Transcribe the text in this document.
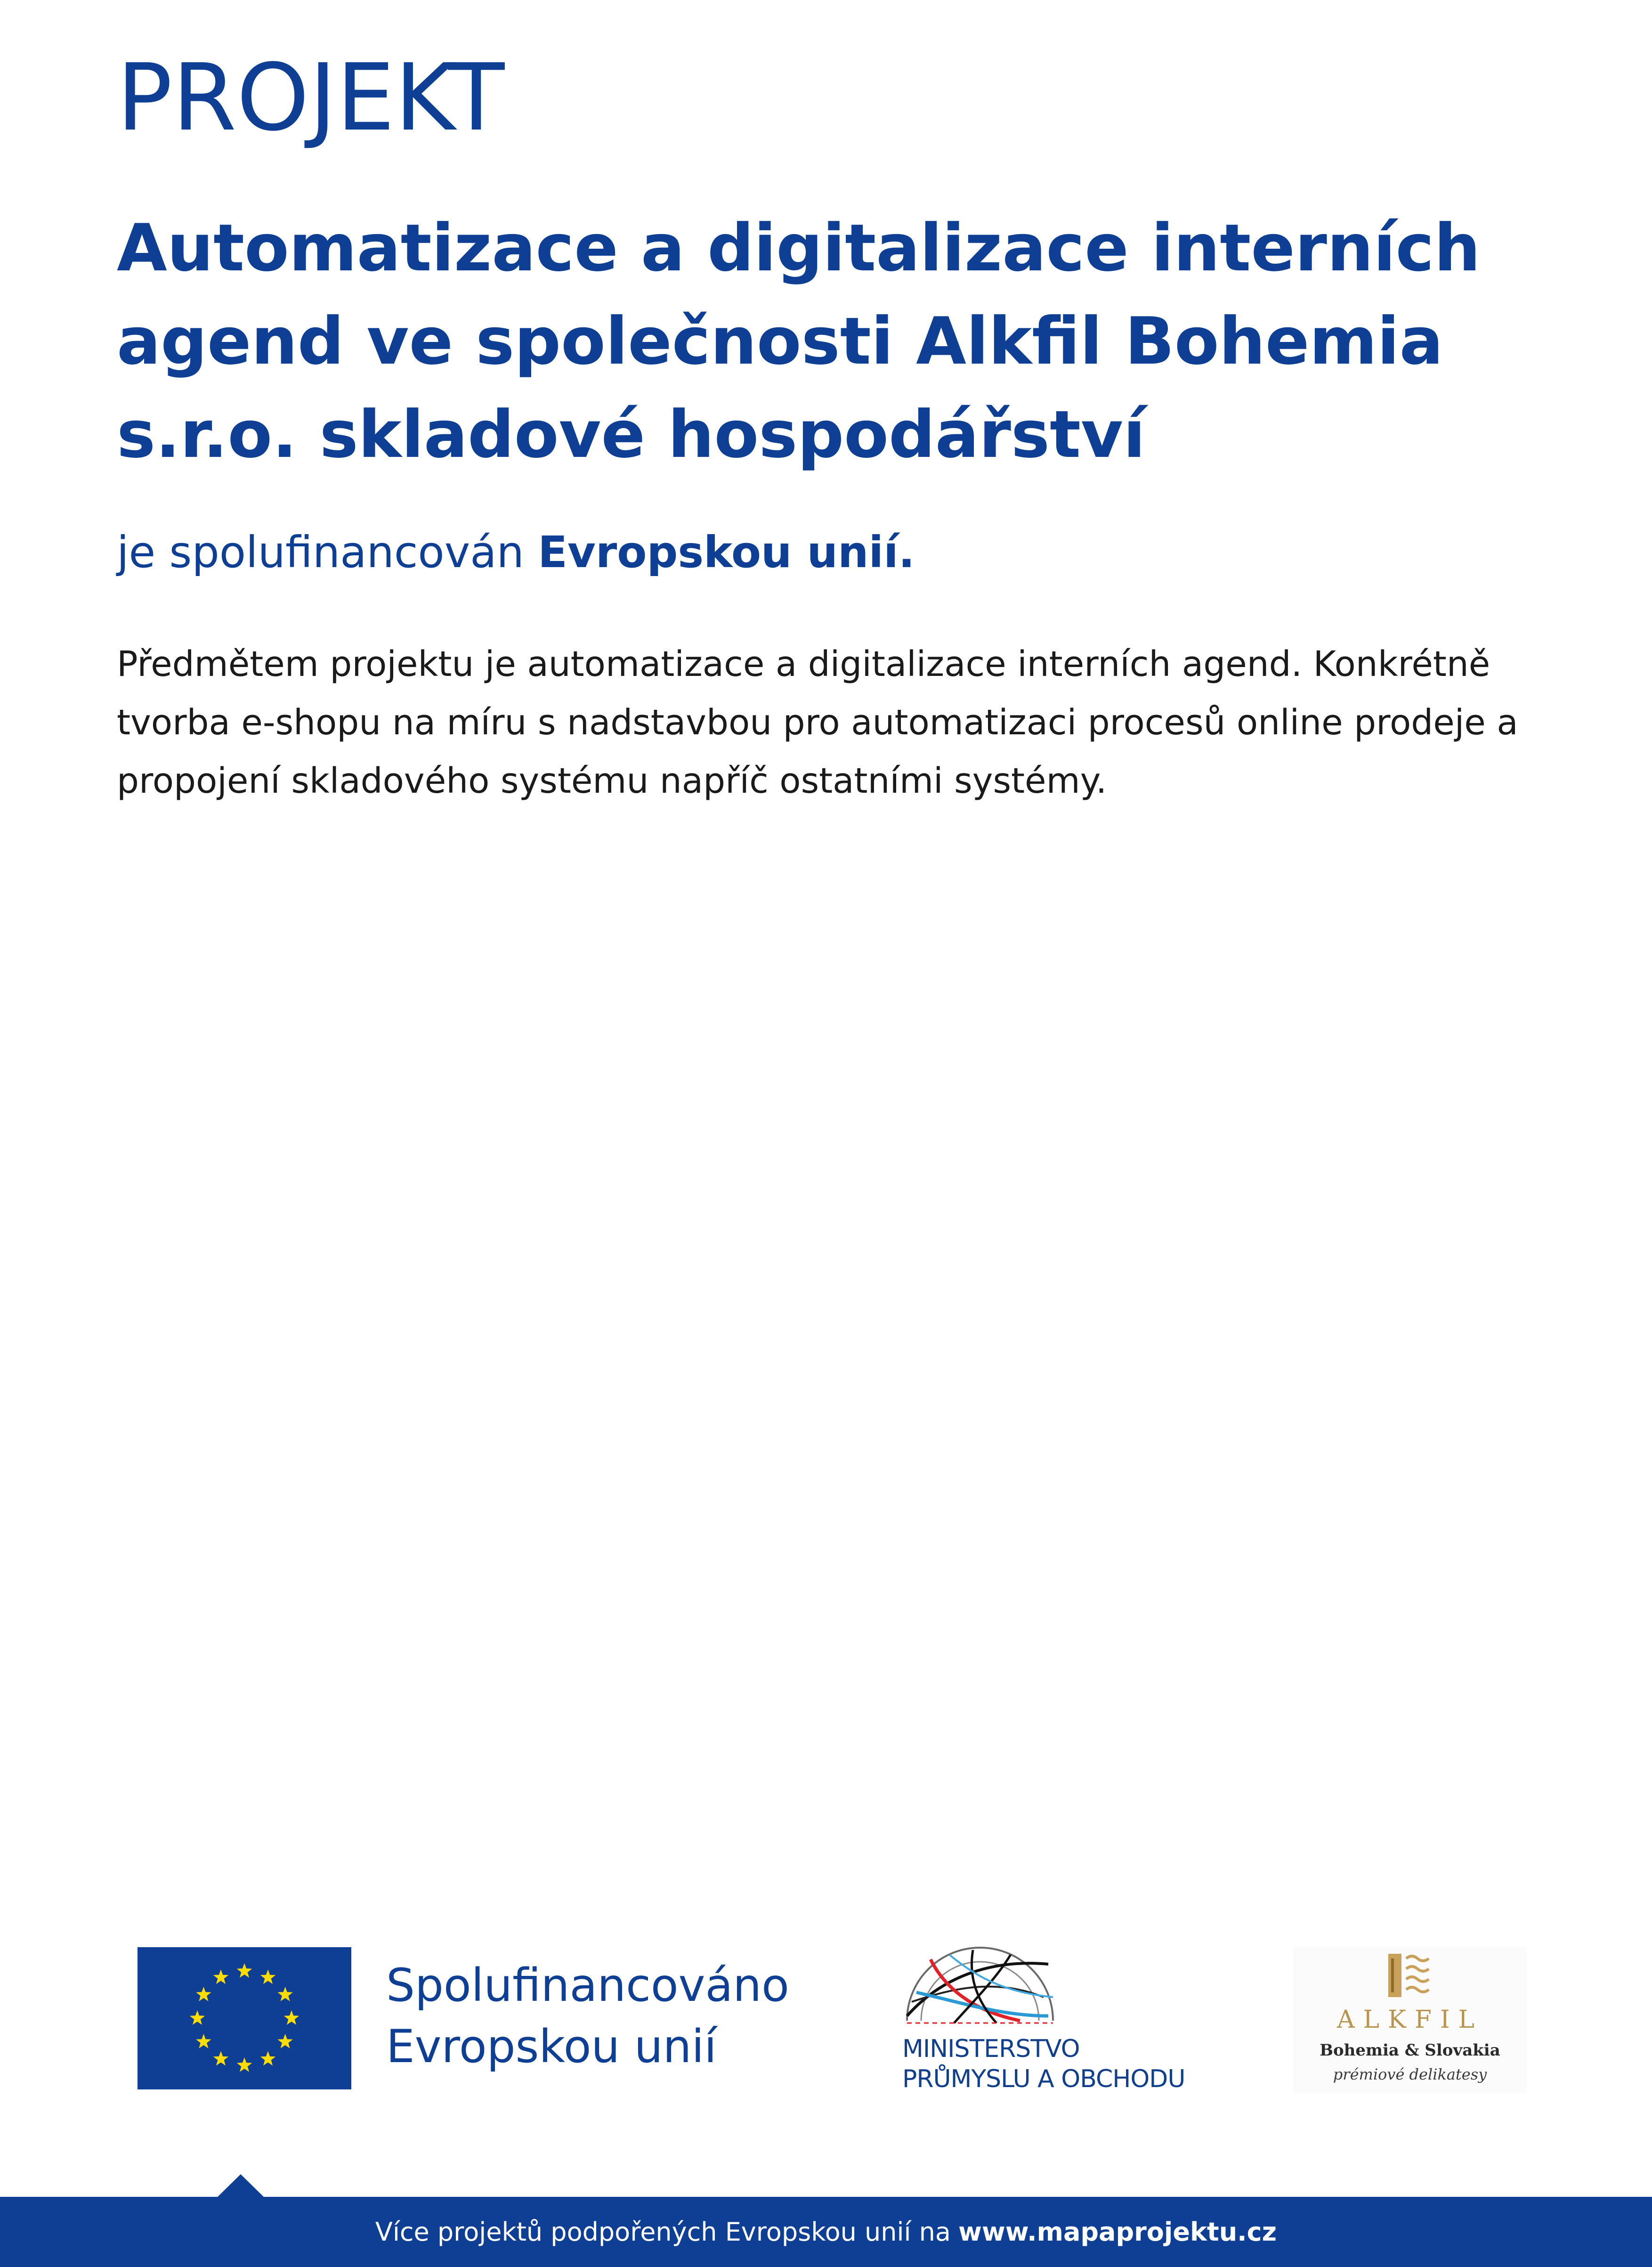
PROJEKT
Automatizace a digitalizace interních agend ve společnosti Alkfil Bohemia s.r.o. skladové hospodářství

je spolufinancován Evropskou unií.

Předmětem projektu je automatizace a digitalizace interních agend. Konkrétně tvorba e-shopu na míru s nadstavbou pro automatizaci procesů online prodeje a propojení skladového systému napříč ostatními systémy.

Spolufinancováno
Evropskou unií	MINISTERSTVO
PRŮMYSLU A OBCHODU

ALKFIL

Bohemia & Slovakia

prémiové delikatesy

Více projektů podpořených Evropskou unií na www.mapaprojektu.cz
